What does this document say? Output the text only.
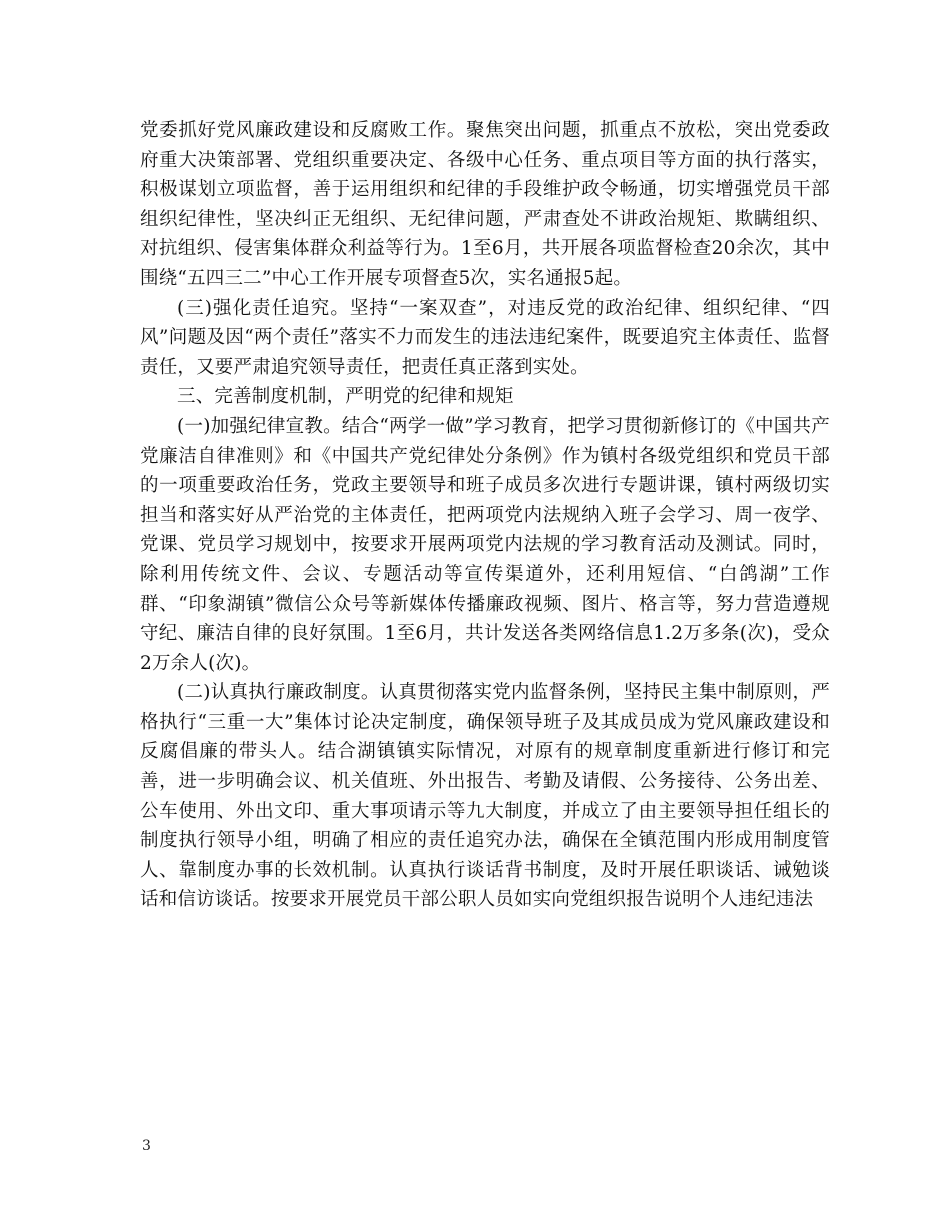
党委抓好党风廉政建设和反腐败工作。聚焦突出问题，抓重点不放松，突出党委政府重大决策部署、党组织重要决定、各级中心任务、重点项目等方面的执行落实，积极谋划立项监督，善于运用组织和纪律的手段维护政令畅通，切实增强党员干部组织纪律性，坚决纠正无组织、无纪律问题，严肃查处不讲政治规矩、欺瞒组织、对抗组织、侵害集体群众利益等行为。1至6月，共开展各项监督检查20余次，其中围绕“五四三二”中心工作开展专项督查5次，实名通报5起。

(三)强化责任追究。坚持“一案双查”，对违反党的政治纪律、组织纪律、“四风”问题及因“两个责任”落实不力而发生的违法违纪案件，既要追究主体责任、监督责任，又要严肃追究领导责任，把责任真正落到实处。

三、完善制度机制，严明党的纪律和规矩

(一)加强纪律宣教。结合“两学一做”学习教育，把学习贯彻新修订的《中国共产党廉洁自律准则》和《中国共产党纪律处分条例》作为镇村各级党组织和党员干部的一项重要政治任务，党政主要领导和班子成员多次进行专题讲课，镇村两级切实担当和落实好从严治党的主体责任，把两项党内法规纳入班子会学习、周一夜学、党课、党员学习规划中，按要求开展两项党内法规的学习教育活动及测试。同时，除利用传统文件、会议、专题活动等宣传渠道外，还利用短信、“白鸽湖”工作群、“印象湖镇”微信公众号等新媒体传播廉政视频、图片、格言等，努力营造遵规守纪、廉洁自律的良好氛围。1至6月，共计发送各类网络信息1.2万多条(次)，受众2万余人(次)。

(二)认真执行廉政制度。认真贯彻落实党内监督条例，坚持民主集中制原则，严格执行“三重一大”集体讨论决定制度，确保领导班子及其成员成为党风廉政建设和反腐倡廉的带头人。结合湖镇镇实际情况，对原有的规章制度重新进行修订和完善，进一步明确会议、机关值班、外出报告、考勤及请假、公务接待、公务出差、公车使用、外出文印、重大事项请示等九大制度，并成立了由主要领导担任组长的制度执行领导小组，明确了相应的责任追究办法，确保在全镇范围内形成用制度管人、靠制度办事的长效机制。认真执行谈话背书制度，及时开展任职谈话、诫勉谈话和信访谈话。按要求开展党员干部公职人员如实向党组织报告说明个人违纪违法

3
